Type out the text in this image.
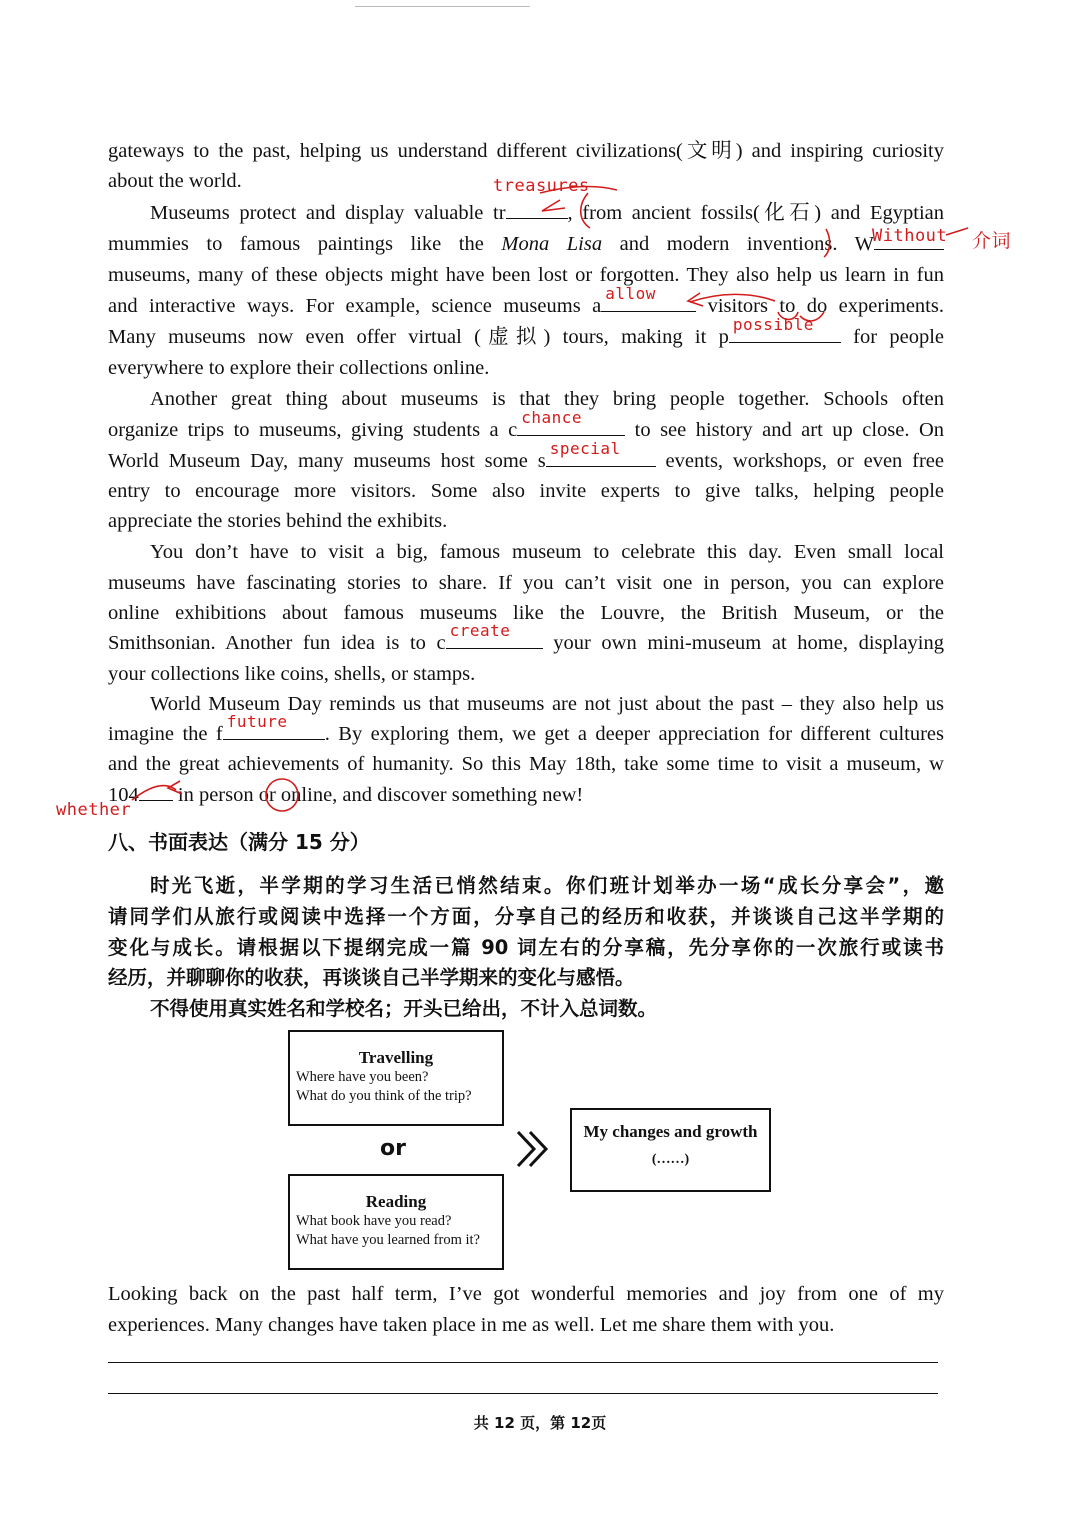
gateways to the past, helping us understand different civilizations(文明) and inspiring curiosity
about the world.
Museums protect and display valuable tr	, from ancient fossils(化石) and Egyptian
mummies to famous paintings like the Mona Lisa and modern inventions. W
museums, many of these objects might have been lost or forgotten. They also help us learn in fun
and interactive ways. For example, science museums a
allow
visitors to do experiments.
Many museums now even offer virtual (虚拟) tours, making it p
possible
for people
everywhere to explore their collections online.
Another great thing about museums is that they bring people together. Schools often
organize trips to museums, giving students a c
chance
to see history and art up close. On
World Museum Day, many museums host some s
special
events, workshops, or even free
entry to encourage more visitors. Some also invite experts to give talks, helping people
appreciate the stories behind the exhibits.
You don’t have to visit a big, famous museum to celebrate this day. Even small local
museums have fascinating stories to share. If you can’t visit one in person, you can explore
online exhibitions about famous museums like the Louvre, the British Museum, or the
Smithsonian. Another fun idea is to c
create
your own mini-museum at home, displaying
your collections like coins, shells, or stamps.
World Museum Day reminds us that museums are not just about the past – they also help us
imagine the f
future
. By exploring them, we get a deeper appreciation for different cultures
and the great achievements of humanity. So this May 18th, take some time to visit a museum, w
104 in person or online, and discover something new!
treasures
Without 介词
whether
八、书面表达（满分 15 分）
时光飞逝，半学期的学习生活已悄然结束。你们班计划举办一场“成长分享会”，邀
请同学们从旅行或阅读中选择一个方面，分享自己的经历和收获，并谈谈自己这半学期的
变化与成长。请根据以下提纲完成一篇 90 词左右的分享稿，先分享你的一次旅行或读书
经历，并聊聊你的收获，再谈谈自己半学期来的变化与感悟。
不得使用真实姓名和学校名；开头已给出，不计入总词数。
Travelling
Where have you been?
What do you think of the trip?
or
Reading
What book have you read?
What have you learned from it?
My changes and growth
(……)
Looking back on the past half term, I’ve got wonderful memories and joy from one of my
experiences. Many changes have taken place in me as well. Let me share them with you.
共 12 页，第 12页
